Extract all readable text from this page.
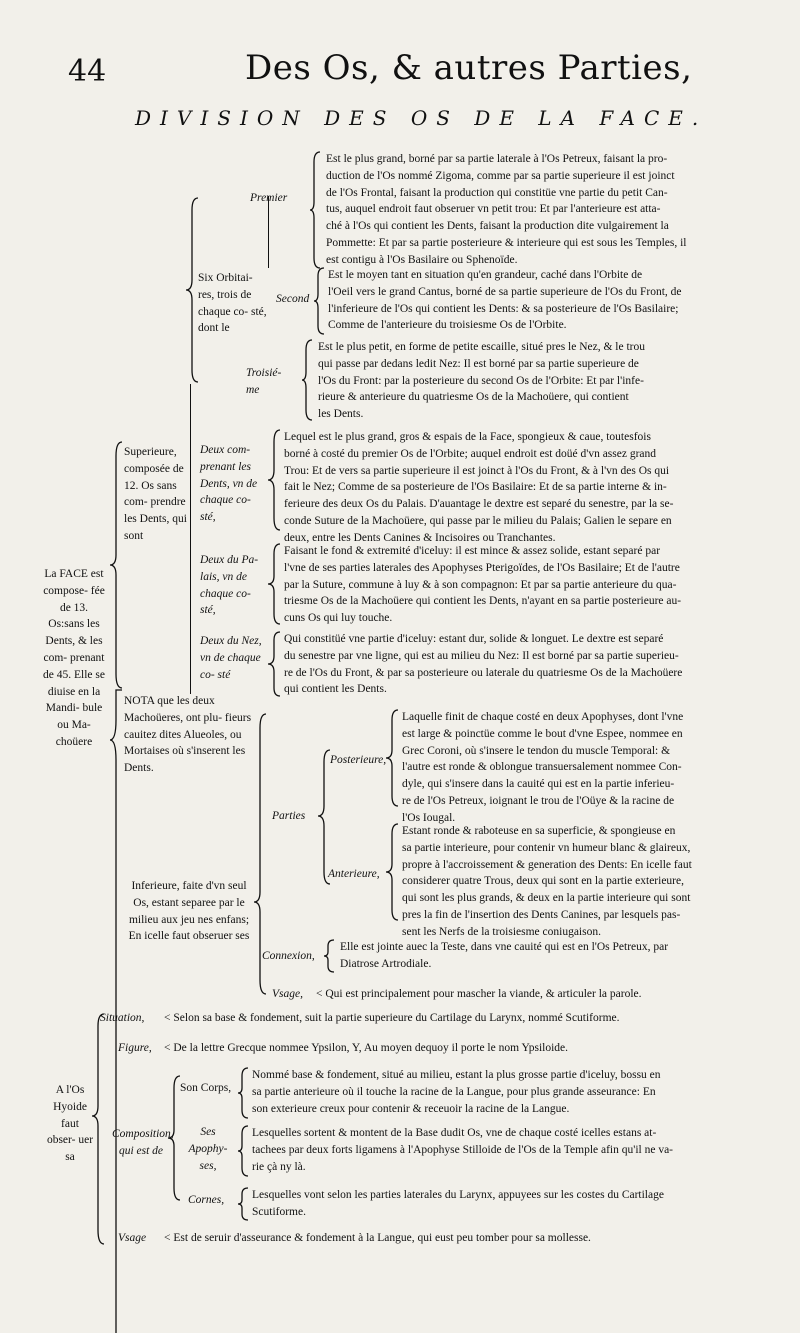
44	Des Os, & autres Parties,
DIVISION DES OS DE LA FACE.
Premier
Est le plus grand, borné par sa partie laterale à l'Os Petreux, faisant la pro-
duction de l'Os nommé Zigoma, comme par sa partie superieure il est joinct
de l'Os Frontal, faisant la production qui constitüe vne partie du petit Can-
tus, auquel endroit faut obseruer vn petit trou: Et par l'anterieure est atta-
ché à l'Os qui contient les Dents, faisant la production dite vulgairement la
Pommette: Et par sa partie posterieure & interieure qui est sous les Temples, il
est contigu à l'Os Basilaire ou Sphenoïde.
Second
Est le moyen tant en situation qu'en grandeur, caché dans l'Orbite de
l'Oeil vers le grand Cantus, borné de sa partie superieure de l'Os du Front, de
l'inferieure de l'Os qui contient les Dents: & sa posterieure de l'Os Basilaire;
Comme de l'anterieure du troisiesme Os de l'Orbite.
Troisié- me
Est le plus petit, en forme de petite escaille, situé pres le Nez, & le trou
qui passe par dedans ledit Nez: Il est borné par sa partie superieure de
l'Os du Front: par la posterieure du second Os de l'Orbite: Et par l'infe-
rieure & anterieure du quatriesme Os de la Machoüere, qui contient
les Dents.
Six Orbitai- res, trois de chaque co- sté, dont le
Deux com- prenant les Dents, vn de chaque co- sté,
Lequel est le plus grand, gros & espais de la Face, spongieux & caue, toutesfois
borné à costé du premier Os de l'Orbite; auquel endroit est doüé d'vn assez grand
Trou: Et de vers sa partie superieure il est joinct à l'Os du Front, & à l'vn des Os qui
fait le Nez; Comme de sa posterieure de l'Os Basilaire: Et de sa partie interne & in-
ferieure des deux Os du Palais. D'auantage le dextre est separé du senestre, par la se-
conde Suture de la Machoüere, qui passe par le milieu du Palais; Galien le separe en
deux, entre les Dents Canines & Incisoires ou Tranchantes.
Deux du Pa- lais, vn de chaque co- sté,
Faisant le fond & extremité d'iceluy: il est mince & assez solide, estant separé par
l'vne de ses parties laterales des Apophyses Pterigoïdes, de l'Os Basilaire; Et de l'autre
par la Suture, commune à luy & à son compagnon: Et par sa partie anterieure du qua-
triesme Os de la Machoüere qui contient les Dents, n'ayant en sa partie posterieure au-
cuns Os qui luy touche.
Deux du Nez, vn de chaque co- sté
Qui constitüé vne partie d'iceluy: estant dur, solide & longuet. Le dextre est separé
du senestre par vne ligne, qui est au milieu du Nez: Il est borné par sa partie superieu-
re de l'Os du Front, & par sa posterieure ou laterale du quatriesme Os de la Machoüere
qui contient les Dents.
Superieure, composée de 12. Os sans com- prendre les Dents, qui sont
La FACE est compose- fée de 13. Os:sans les Dents, & les com- prenant de 45. Elle se diuise en la Mandi- bule ou Ma- choüere
NOTA que les deux Machoüeres, ont plu- fieurs cauitez dites Alueoles, ou Mortaises où s'inserent les Dents.
Inferieure, faite d'vn seul Os, estant separee par le milieu aux jeu nes enfans; En icelle faut obseruer ses
Parties
Posterieure,
Laquelle finit de chaque costé en deux Apophyses, dont l'vne
est large & poinctüe comme le bout d'vne Espee, nommee en
Grec Coroni, où s'insere le tendon du muscle Temporal: &
l'autre est ronde & oblongue transuersalement nommee Con-
dyle, qui s'insere dans la cauité qui est en la partie inferieu-
re de l'Os Petreux, ioignant le trou de l'Oüye & la racine de
l'Os Iougal.
Anterieure,
Estant ronde & raboteuse en sa superficie, & spongieuse en
sa partie interieure, pour contenir vn humeur blanc & glaireux,
propre à l'accroissement & generation des Dents: En icelle faut
considerer quatre Trous, deux qui sont en la partie exterieure,
qui sont les plus grands, & deux en la partie interieure qui sont
pres la fin de l'insertion des Dents Canines, par lesquels pas-
sent les Nerfs de la troisiesme coniugaison.
Connexion,
Elle est jointe auec la Teste, dans vne cauité qui est en l'Os Petreux, par
Diatrose Artrodiale.
Vsage, < Qui est principalement pour mascher la viande, & articuler la parole.
Situation, < Selon sa base & fondement, suit la partie superieure du Cartilage du Larynx, nommé Scutiforme.
Figure, < De la lettre Grecque nommee Ypsilon, Y, Au moyen dequoy il porte le nom Ypsiloide.
A l'Os Hyoide faut obser- uer sa
Composition, qui est de
Son Corps,
Nommé base & fondement, situé au milieu, estant la plus grosse partie d'iceluy, bossu en
sa partie anterieure où il touche la racine de la Langue, pour plus grande asseurance: En
son exterieure creux pour contenir & receuoir la racine de la Langue.
Ses Apophy- ses,
Lesquelles sortent & montent de la Base dudit Os, vne de chaque costé icelles estans at-
tachees par deux forts ligamens à l'Apophyse Stilloide de l'Os de la Temple afin qu'il ne va-
rie çà ny là.
Cornes, Lesquelles vont selon les parties laterales du Larynx, appuyees sur les costes du Cartilage
Scutiforme.
Vsage < Est de seruir d'asseurance & fondement à la Langue, qui eust peu tomber pour sa mollesse.
